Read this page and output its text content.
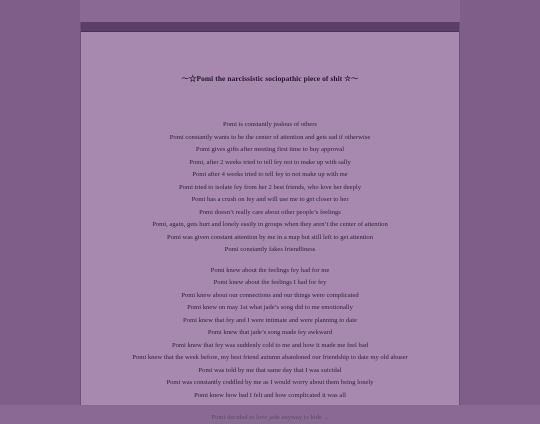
〜☆Pomi the narcissistic sociopathic piece of shit ☆〜
Pomi is constantly jealous of others
Pomi constantly wants to be the center of attention and gets sad if otherwise
Pomi gives gifts after meeting first time to buy approval
Pomi, after 2 weeks tried to tell fey not to make up with sally
Pomi after 4 weeks tried to tell fey to not make up with me
Pomi tried to isolate fey from her 2 best friends, who love her deeply
Pomi has a crush on fey and will use me to get closer to her
Pomi doesn’t really care about other people’s feelings
Pomi, again, gets hurt and lonely easily in groups when they aren’t the center of attention
Pomi was given constant attention by me in a map but still left to get attention
Pomi constantly fakes friendliness
Pomi knew about the feelings fey had for me
Pomi knew about the feelings I had for fey
Pomi knew about our connections and our things were complicated
Pomi knew on may 1st what jade’s song did to me emotionally
Pomi knew that fey and I were intimate and were planning to date
Pomi knew that jade’s song made fey awkward
Pomi knew that fey was suddenly cold to me and how it made me feel bad
Pomi knew that the week before, my best friend autumn abandoned our friendship to date my old abuser
Pomi was told by me that same day that I was suicidal
Pomi was constantly coddled by me as I would worry about them being lonely
Pomi knew how bad I felt and how complicated it was all
Pomi decided to love jade anyway to hide ...
